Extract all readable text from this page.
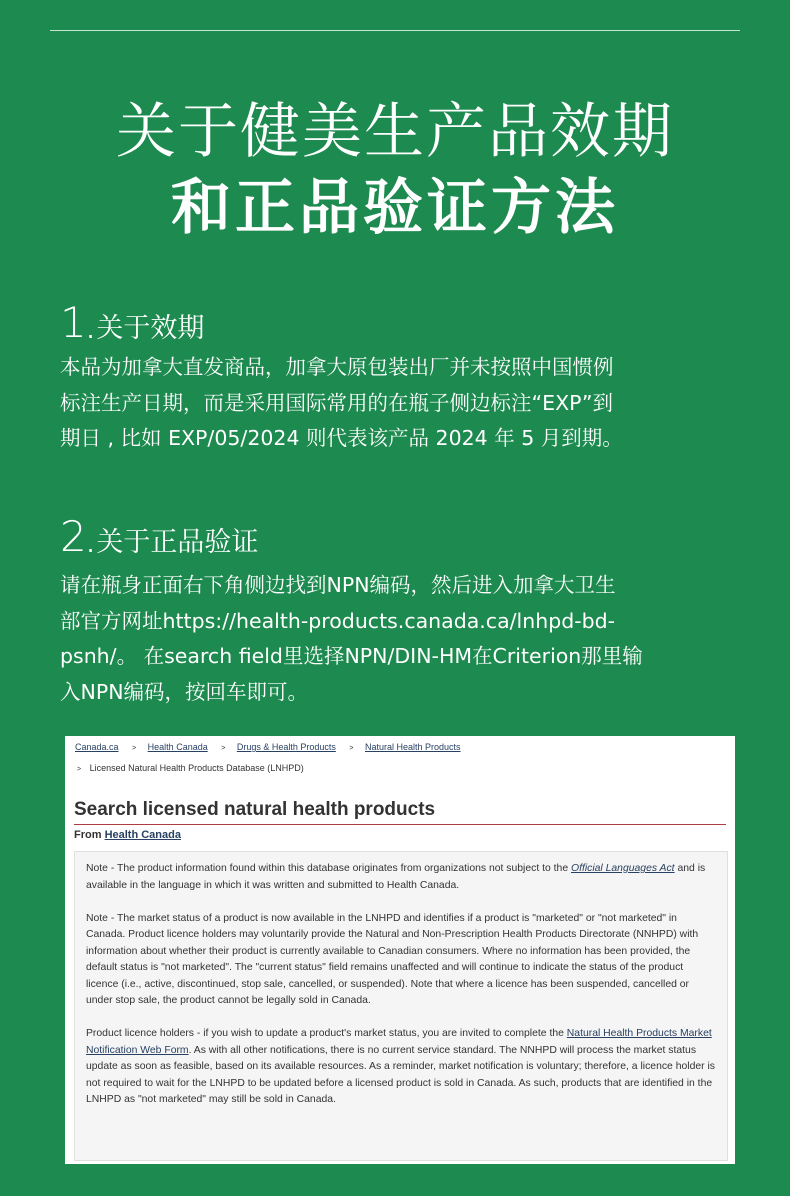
关于健美生产品效期
和正品验证方法
1 . 关于效期
本品为加拿大直发商品，加拿大原包装出厂并未按照中国惯例
标注生产日期，而是采用国际常用的在瓶子侧边标注“EXP”到
期日 , 比如 EXP/05/2024 则代表该产品 2024 年 5 月到期。
2 . 关于正品验证
请在瓶身正面右下角侧边找到NPN编码，然后进入加拿大卫生
部官方网址https://health-products.canada.ca/lnhpd-bd-
psnh/。 在search field里选择NPN/DIN-HM在Criterion那里输
入NPN编码，按回车即可。
Canada.ca > Health Canada > Drugs & Health Products > Natural Health Products
> Licensed Natural Health Products Database (LNHPD)
Search licensed natural health products
From Health Canada

Note - The product information found within this database originates from organizations not subject to the Official Languages Act and is available in the language in which it was written and submitted to Health Canada.

Note - The market status of a product is now available in the LNHPD and identifies if a product is "marketed" or "not marketed" in Canada. Product licence holders may voluntarily provide the Natural and Non-Prescription Health Products Directorate (NNHPD) with information about whether their product is currently available to Canadian consumers. Where no information has been provided, the default status is "not marketed". The "current status" field remains unaffected and will continue to indicate the status of the product licence (i.e., active, discontinued, stop sale, cancelled, or suspended). Note that where a licence has been suspended, cancelled or under stop sale, the product cannot be legally sold in Canada.

Product licence holders - if you wish to update a product's market status, you are invited to complete the Natural Health Products Market Notification Web Form. As with all other notifications, there is no current service standard. The NNHPD will process the market status update as soon as feasible, based on its available resources. As a reminder, market notification is voluntary; therefore, a licence holder is not required to wait for the LNHPD to be updated before a licensed product is sold in Canada. As such, products that are identified in the LNHPD as "not marketed" may still be sold in Canada.
